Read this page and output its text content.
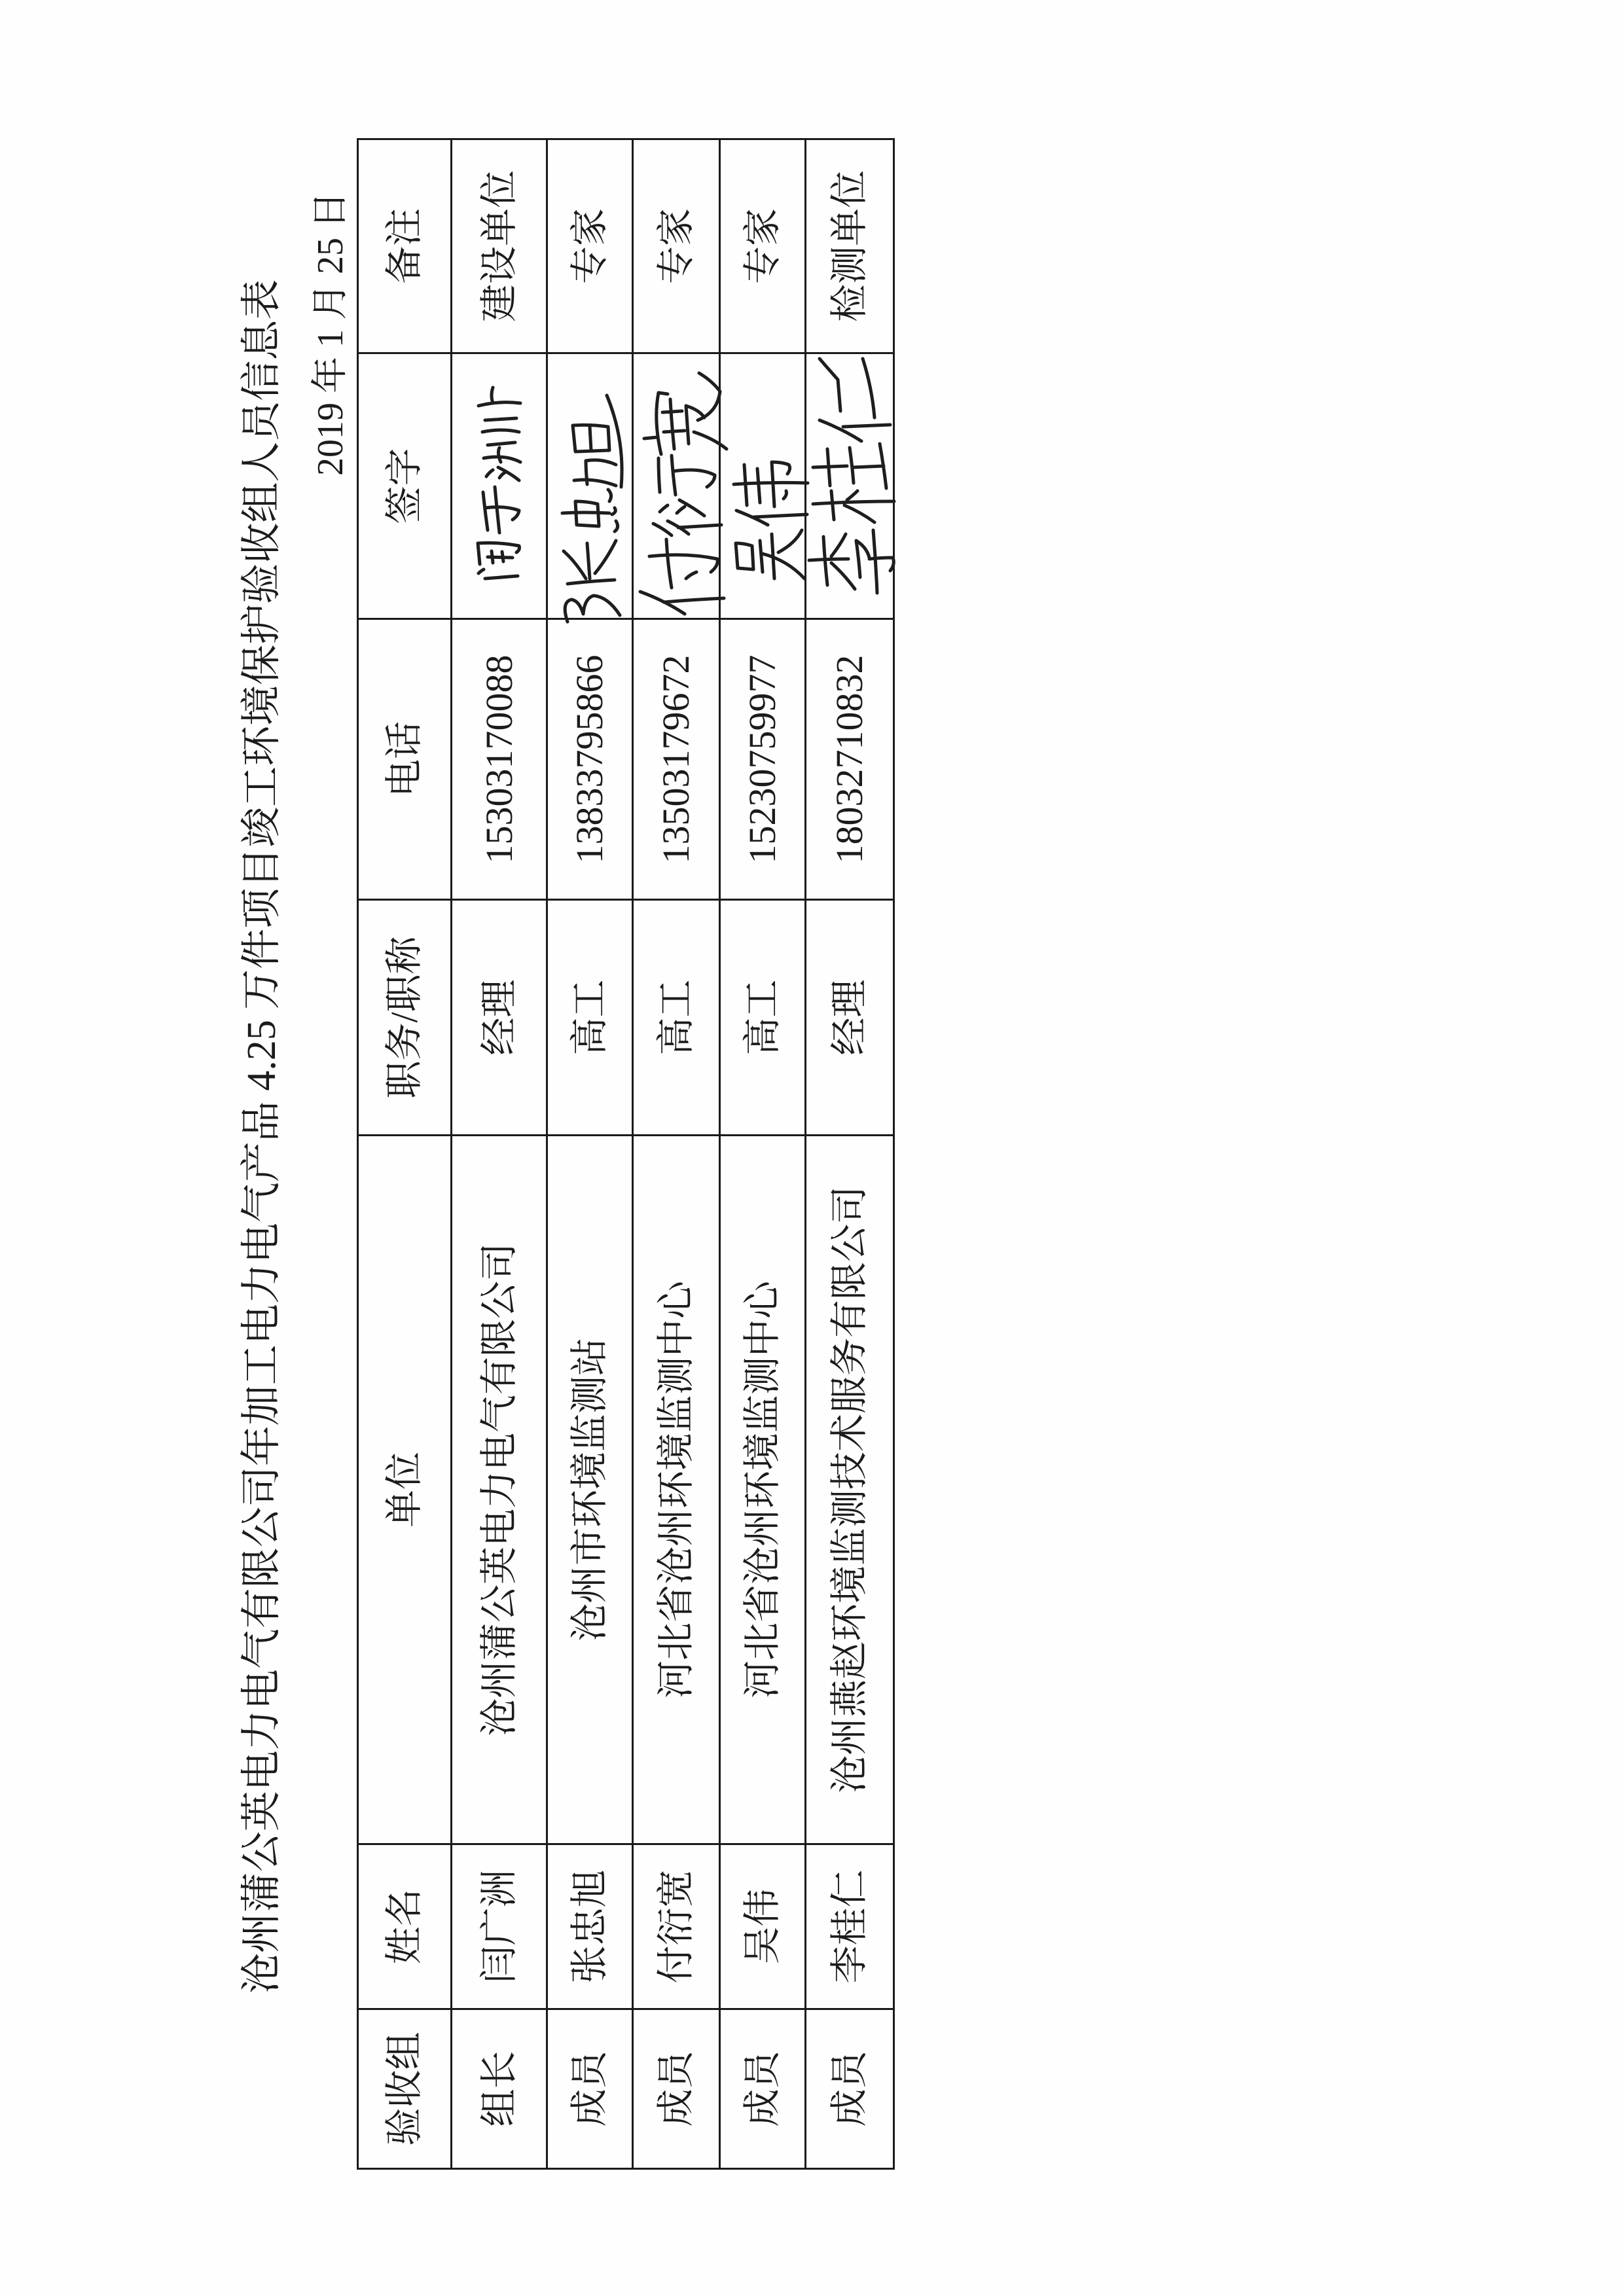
沧州蒲公英电力电气有限公司年加工电力电气产品 4.25 万件项目竣工环境保护验收组人员信息表 2019 年 1 月 25 日
验收组	姓名	单位	职务/职称	电话	签字	备注
组长	闫广洲	沧州蒲公英电力电气有限公司	经理	15303170088		建设单位
成员	张忠旭	沧州市环境监测站	高工	13833795866		专家
成员	付衍宽	河北省沧州环境监测中心	高工	13503179672		专家
成员	吴伟	河北省沧州环境监测中心	高工	15230759977		专家
成员	李桂仁	沧州燕赵环境监测技术服务有限公司	经理	18032710832		检测单位
